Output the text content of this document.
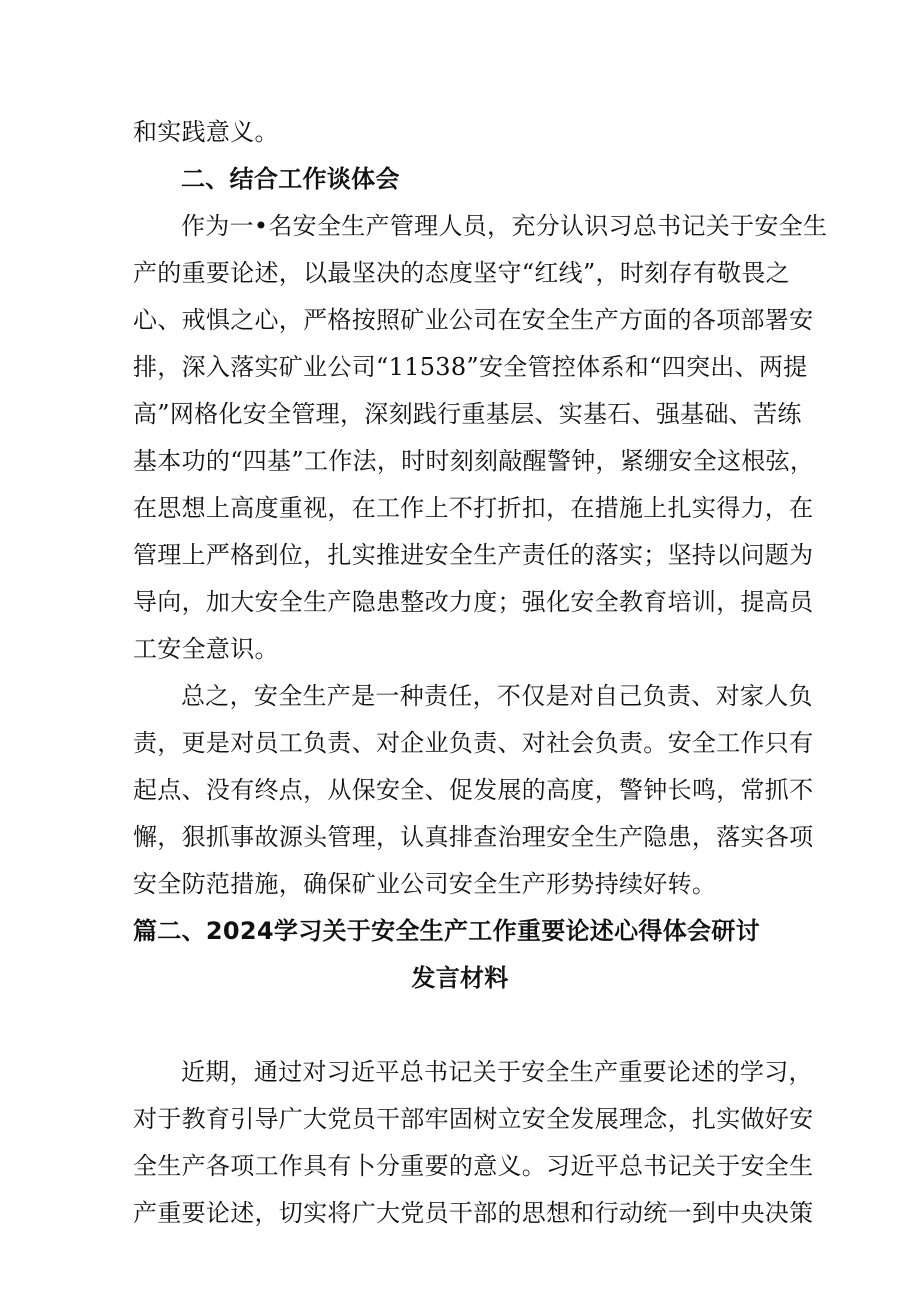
和实践意义。
二、结合工作谈体会
作为一•名安全生产管理人员，充分认识习总书记关于安全生
产的重要论述，以最坚决的态度坚守“红线”，时刻存有敬畏之
心、戒惧之心，严格按照矿业公司在安全生产方面的各项部署安
排，深入落实矿业公司“11538”安全管控体系和“四突出、两提
高”网格化安全管理，深刻践行重基层、实基石、强基础、苦练
基本功的“四基”工作法，时时刻刻敲醒警钟，紧绷安全这根弦，
在思想上高度重视，在工作上不打折扣，在措施上扎实得力，在
管理上严格到位，扎实推进安全生产责任的落实；坚持以问题为
导向，加大安全生产隐患整改力度；强化安全教育培训，提高员
工安全意识。
总之，安全生产是一种责任，不仅是对自己负责、对家人负
责，更是对员工负责、对企业负责、对社会负责。安全工作只有
起点、没有终点，从保安全、促发展的高度，警钟长鸣，常抓不
懈，狠抓事故源头管理，认真排查治理安全生产隐患，落实各项
安全防范措施，确保矿业公司安全生产形势持续好转。
篇二、2024学习关于安全生产工作重要论述心得体会研讨
发言材料
近期，通过对习近平总书记关于安全生产重要论述的学习，
对于教育引导广大党员干部牢固树立安全发展理念，扎实做好安
全生产各项工作具有卜分重要的意义。习近平总书记关于安全生
产重要论述，切实将广大党员干部的思想和行动统一到中央决策
